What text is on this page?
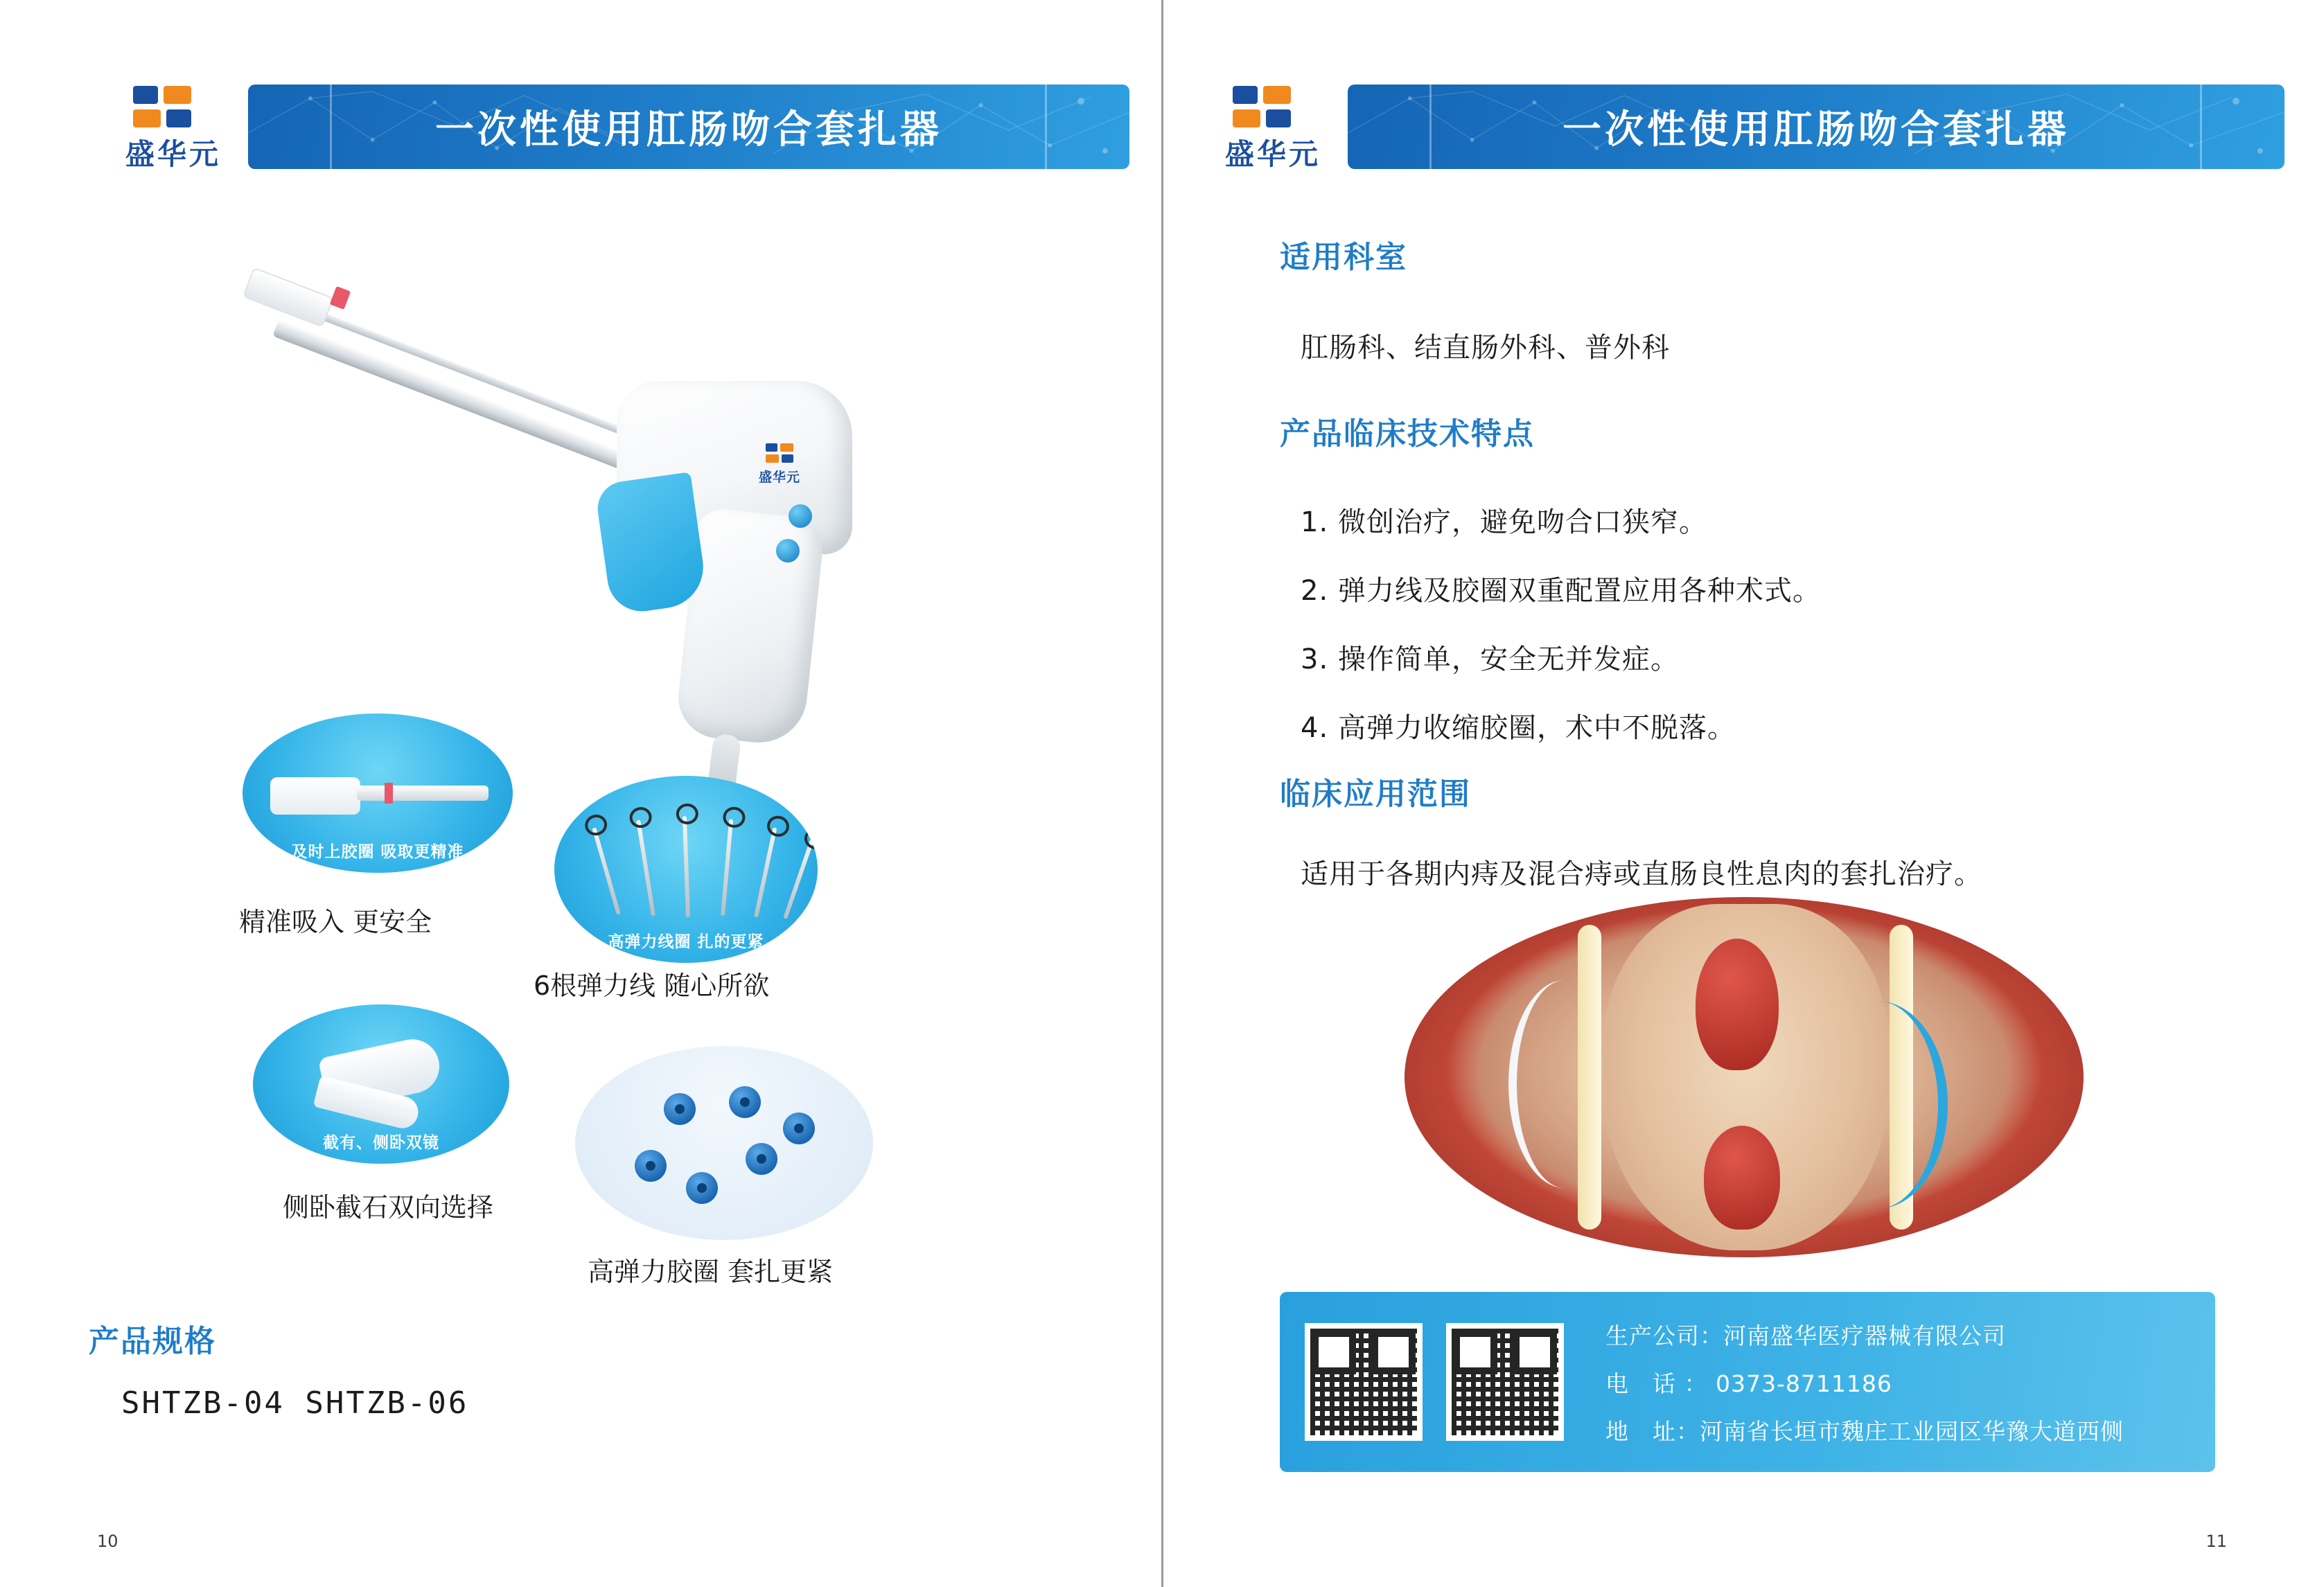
盛华元
一次性使用肛肠吻合套扎器
盛华元
及时上胶圈 吸取更精准
精准吸入 更安全
高弹力线圈 扎的更紧
6根弹力线 随心所欲
截有、侧卧双镜
侧卧截石双向选择
高弹力胶圈 套扎更紧
产品规格
SHTZB-04 SHTZB-06
10
盛华元
一次性使用肛肠吻合套扎器
适用科室
肛肠科、结直肠外科、普外科
产品临床技术特点
1. 微创治疗，避免吻合口狭窄。
2. 弹力线及胶圈双重配置应用各种术式。
3. 操作简单，安全无并发症。
4. 高弹力收缩胶圈，术中不脱落。
临床应用范围
适用于各期内痔及混合痔或直肠良性息肉的套扎治疗。
生产公司：河南盛华医疗器械有限公司
电　话 ： 0373-8711186
地　址：河南省长垣市魏庄工业园区华豫大道西侧
11
